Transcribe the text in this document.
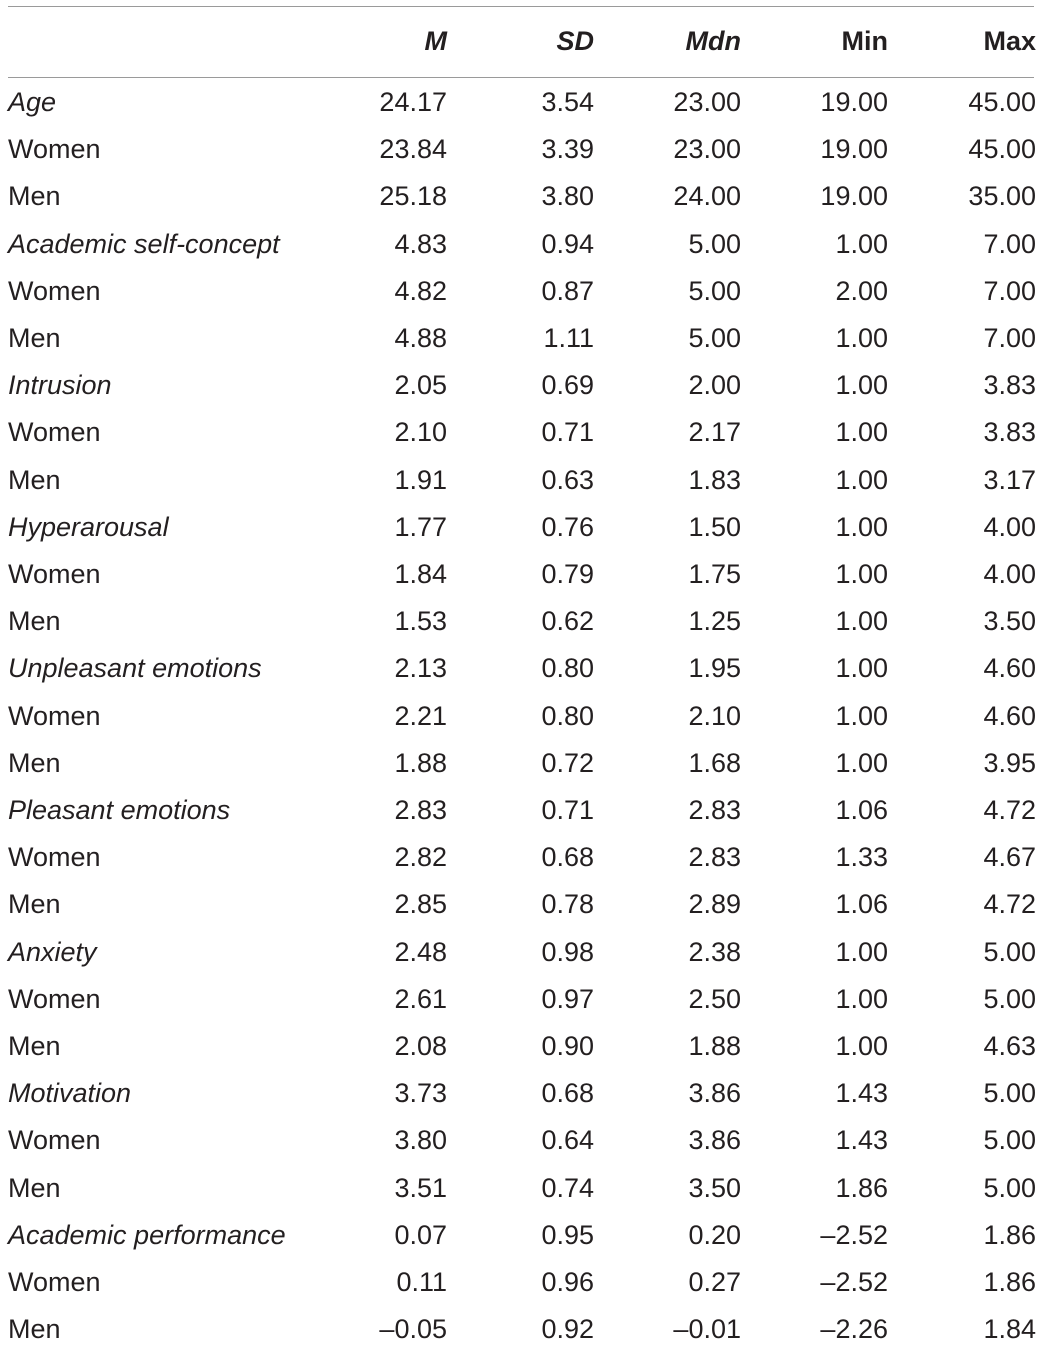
	M	SD	Mdn	Min	Max

Age	24.17	3.54	23.00	19.00	45.00
Women	23.84	3.39	23.00	19.00	45.00
Men	25.18	3.80	24.00	19.00	35.00
Academic self-concept	4.83	0.94	5.00	1.00	7.00
Women	4.82	0.87	5.00	2.00	7.00
Men	4.88	1.11	5.00	1.00	7.00
Intrusion	2.05	0.69	2.00	1.00	3.83
Women	2.10	0.71	2.17	1.00	3.83
Men	1.91	0.63	1.83	1.00	3.17
Hyperarousal	1.77	0.76	1.50	1.00	4.00
Women	1.84	0.79	1.75	1.00	4.00
Men	1.53	0.62	1.25	1.00	3.50
Unpleasant emotions	2.13	0.80	1.95	1.00	4.60
Women	2.21	0.80	2.10	1.00	4.60
Men	1.88	0.72	1.68	1.00	3.95
Pleasant emotions	2.83	0.71	2.83	1.06	4.72
Women	2.82	0.68	2.83	1.33	4.67
Men	2.85	0.78	2.89	1.06	4.72
Anxiety	2.48	0.98	2.38	1.00	5.00
Women	2.61	0.97	2.50	1.00	5.00
Men	2.08	0.90	1.88	1.00	4.63
Motivation	3.73	0.68	3.86	1.43	5.00
Women	3.80	0.64	3.86	1.43	5.00
Men	3.51	0.74	3.50	1.86	5.00
Academic performance	0.07	0.95	0.20	–2.52	1.86
Women	0.11	0.96	0.27	–2.52	1.86
Men	–0.05	0.92	–0.01	–2.26	1.84
